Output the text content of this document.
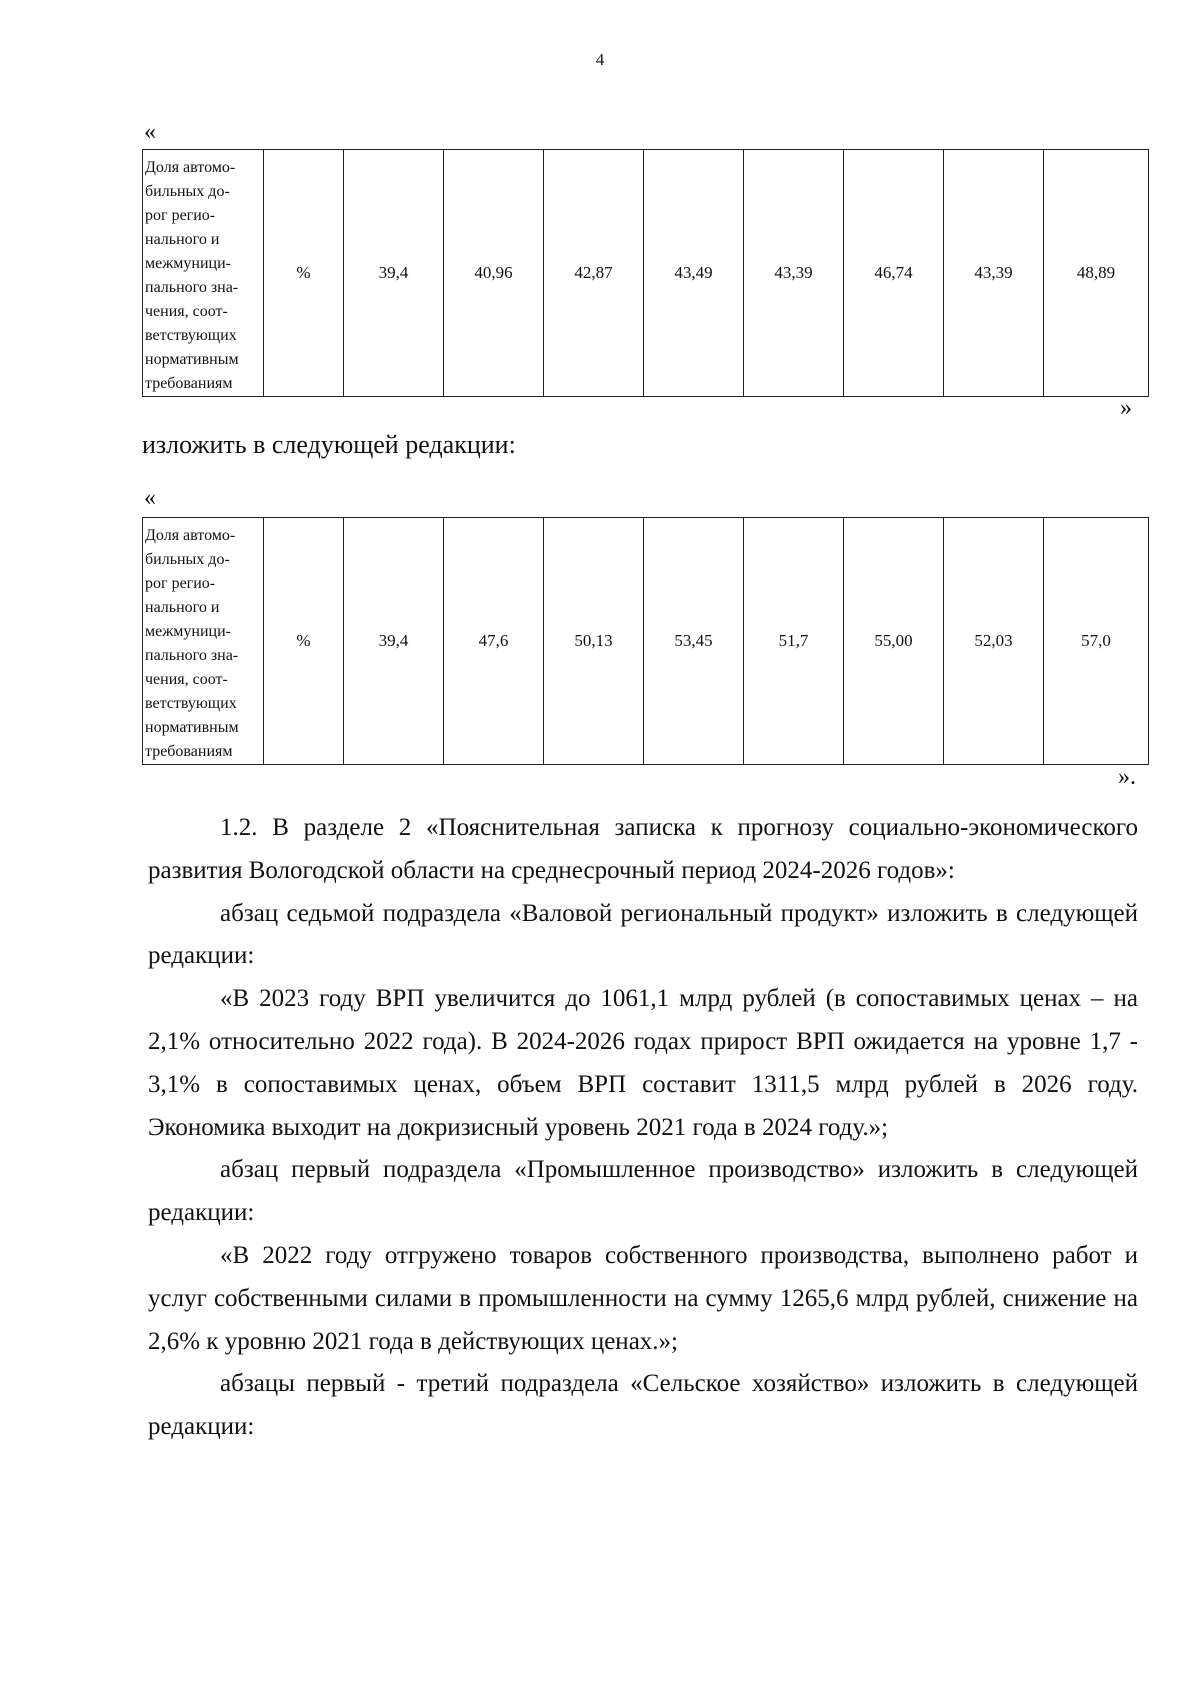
4
«
Доля автомо-
бильных до-
рог регио-
нального и
межмуници-
пального зна-
чения, соот-
ветствующих
нормативным
требованиям	%	39,4	40,96	42,87	43,49	43,39	46,74	43,39	48,89
»
изложить в следующей редакции:
«
Доля автомо-
бильных до-
рог регио-
нального и
межмуници-
пального зна-
чения, соот-
ветствующих
нормативным
требованиям	%	39,4	47,6	50,13	53,45	51,7	55,00	52,03	57,0
».

1.2. В разделе 2 «Пояснительная записка к прогнозу социально-экономического развития Вологодской области на среднесрочный период 2024-2026 годов»:

абзац седьмой подраздела «Валовой региональный продукт» изложить в следующей редакции:

«В 2023 году ВРП увеличится до 1061,1 млрд рублей (в сопоставимых ценах – на 2,1% относительно 2022 года). В 2024-2026 годах прирост ВРП ожидается на уровне 1,7 - 3,1% в сопоставимых ценах, объем ВРП составит 1311,5 млрд рублей в 2026 году. Экономика выходит на докризисный уровень 2021 года в 2024 году.»;

абзац первый подраздела «Промышленное производство» изложить в следующей редакции:

«В 2022 году отгружено товаров собственного производства, выполнено работ и услуг собственными силами в промышленности на сумму 1265,6 млрд рублей, снижение на 2,6% к уровню 2021 года в действующих ценах.»;

абзацы первый - третий подраздела «Сельское хозяйство» изложить в следующей редакции:
